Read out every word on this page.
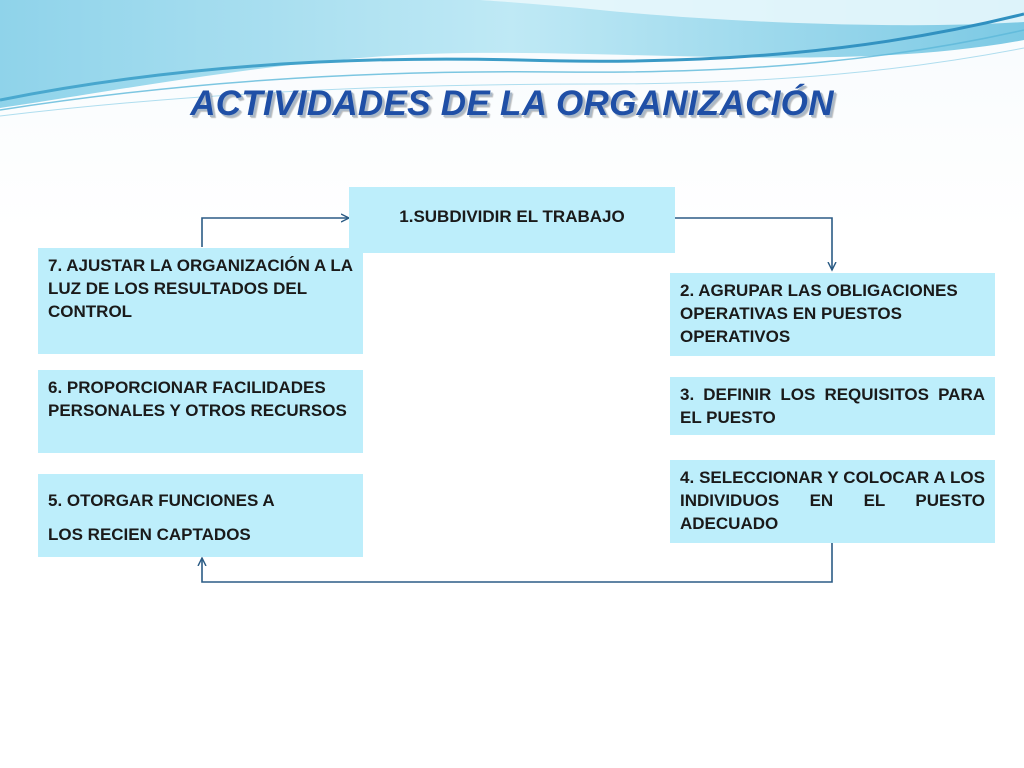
ACTIVIDADES DE LA ORGANIZACIÓN
1.SUBDIVIDIR EL TRABAJO
7. AJUSTAR LA ORGANIZACIÓN A LA LUZ DE LOS RESULTADOS DEL CONTROL
2. AGRUPAR LAS OBLIGACIONES OPERATIVAS EN PUESTOS OPERATIVOS
6. PROPORCIONAR FACILIDADES PERSONALES Y OTROS RECURSOS
3. DEFINIR LOS REQUISITOS PARA EL PUESTO
4. SELECCIONAR Y COLOCAR A LOS INDIVIDUOS EN EL PUESTO ADECUADO
5. OTORGAR FUNCIONES A
LOS RECIEN CAPTADOS
